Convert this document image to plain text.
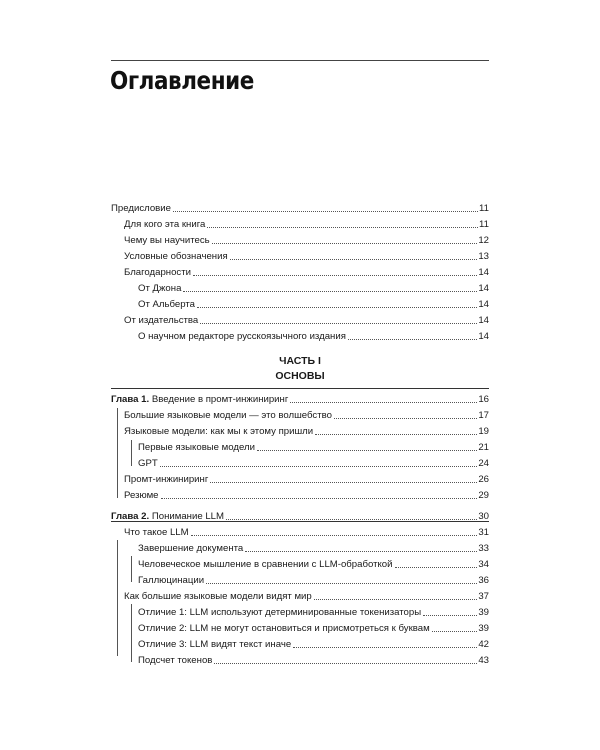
Оглавление
Предисловие	11
Для кого эта книга	11
Чему вы научитесь	12
Условные обозначения	13
Благодарности	14
От Джона	14
От Альберта	14
От издательства	14
О научном редакторе русскоязычного издания	14
ЧАСТЬ I
ОСНОВЫ
Глава 1. Введение в промт-инжиниринг	16
Большие языковые модели — это волшебство	17
Языковые модели: как мы к этому пришли	19
Первые языковые модели	21
GPT	24
Промт-инжиниринг	26
Резюме	29
Глава 2. Понимание LLM	30
Что такое LLM	31
Завершение документа	33
Человеческое мышление в сравнении с LLM-обработкой	34
Галлюцинации	36
Как большие языковые модели видят мир	37
Отличие 1: LLM используют детерминированные токенизаторы	39
Отличие 2: LLM не могут остановиться и присмотреться к буквам	39
Отличие 3: LLM видят текст иначе	42
Подсчет токенов	43
